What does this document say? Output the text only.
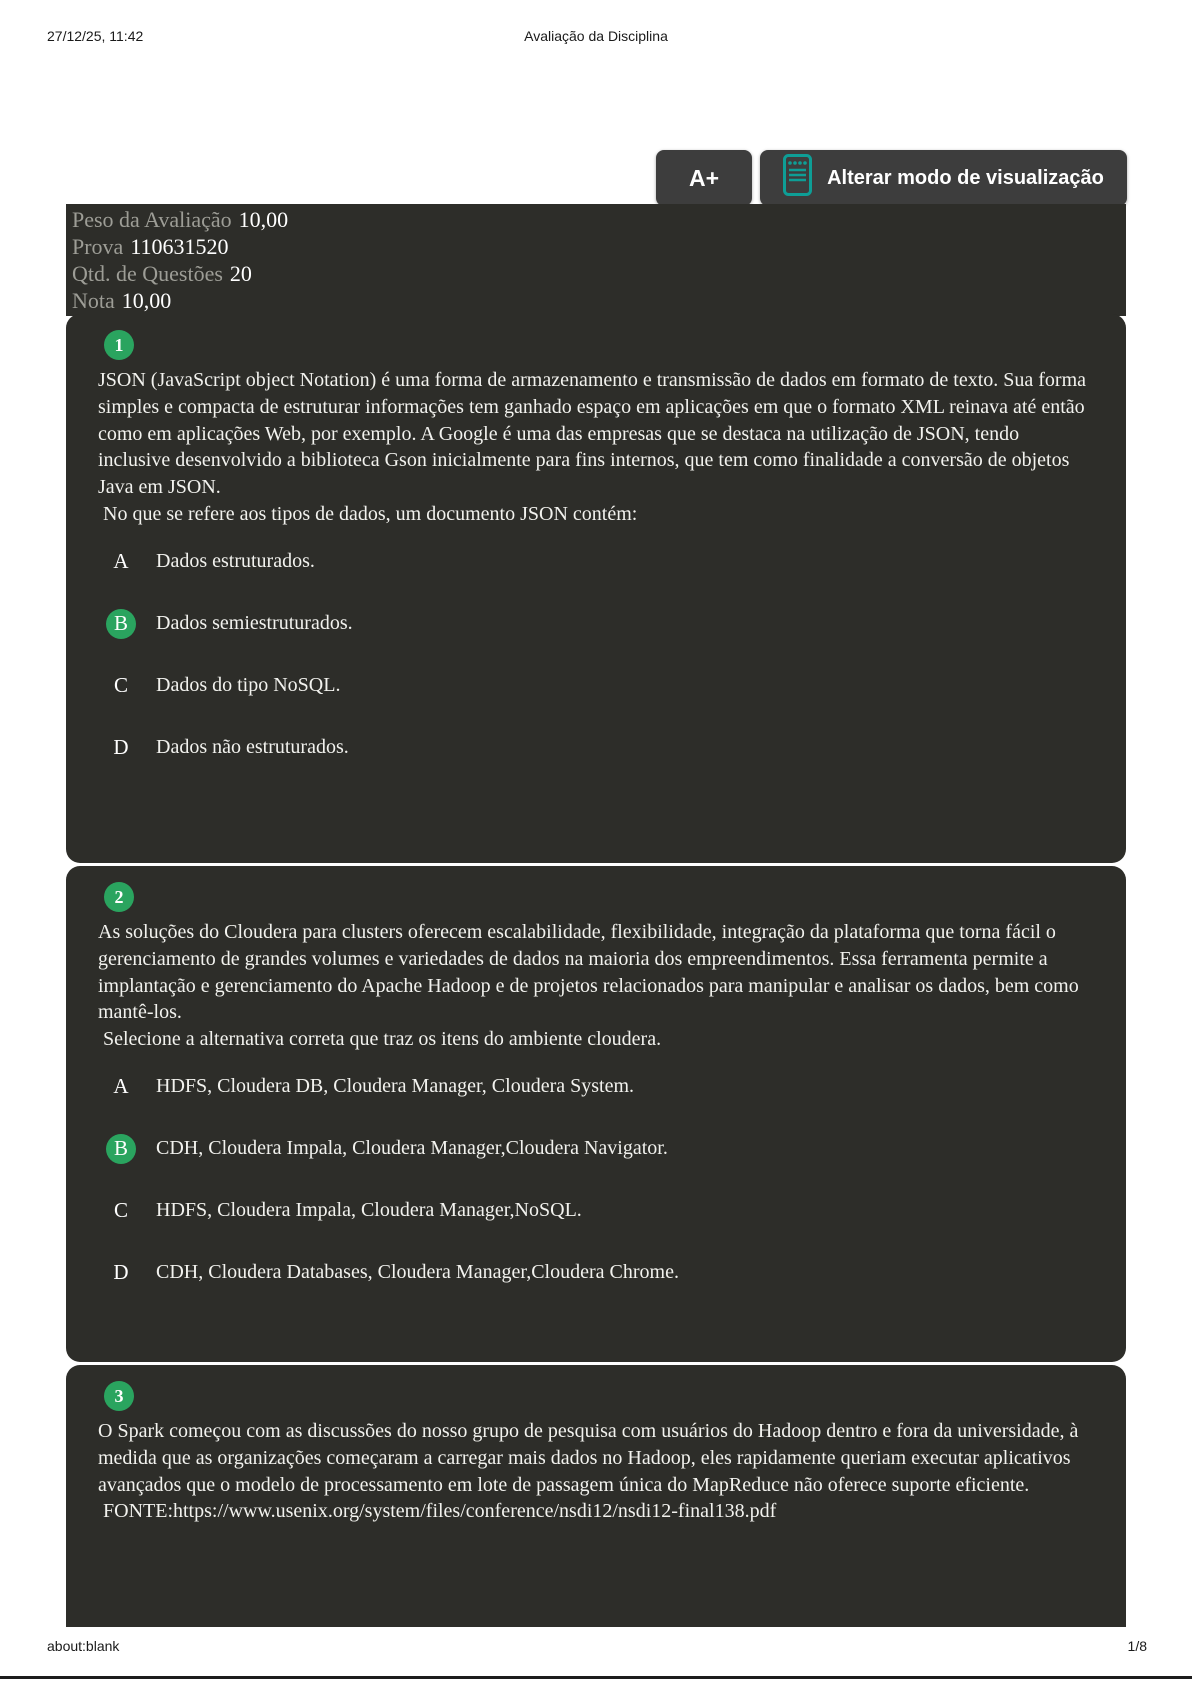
27/12/25, 11:42	Avaliação da Disciplina
A+	Alterar modo de visualização
Peso da Avaliação 10,00
Prova 110631520
Qtd. de Questões 20
Nota 10,00
1

JSON (JavaScript object Notation) é uma forma de armazenamento e transmissão de dados em formato de texto. Sua forma simples e compacta de estruturar informações tem ganhado espaço em aplicações em que o formato XML reinava até então como em aplicações Web, por exemplo. A Google é uma das empresas que se destaca na utilização de JSON, tendo inclusive desenvolvido a biblioteca Gson inicialmente para fins internos, que tem como finalidade a conversão de objetos Java em JSON.

No que se refere aos tipos de dados, um documento JSON contém:

A	Dados estruturados.
B	Dados semiestruturados.
C	Dados do tipo NoSQL.
D	Dados não estruturados.
2

As soluções do Cloudera para clusters oferecem escalabilidade, flexibilidade, integração da plataforma que torna fácil o gerenciamento de grandes volumes e variedades de dados na maioria dos empreendimentos. Essa ferramenta permite a implantação e gerenciamento do Apache Hadoop e de projetos relacionados para manipular e analisar os dados, bem como mantê-los.

Selecione a alternativa correta que traz os itens do ambiente cloudera.

A	HDFS, Cloudera DB, Cloudera Manager, Cloudera System.
B	CDH, Cloudera Impala, Cloudera Manager,Cloudera Navigator.
C	HDFS, Cloudera Impala, Cloudera Manager,NoSQL.
D	CDH, Cloudera Databases, Cloudera Manager,Cloudera Chrome.
3

O Spark começou com as discussões do nosso grupo de pesquisa com usuários do Hadoop dentro e fora da universidade, à medida que as organizações começaram a carregar mais dados no Hadoop, eles rapidamente queriam executar aplicativos avançados que o modelo de processamento em lote de passagem única do MapReduce não oferece suporte eficiente.

FONTE:https://www.usenix.org/system/files/conference/nsdi12/nsdi12-final138.pdf

about:blank	1/8
